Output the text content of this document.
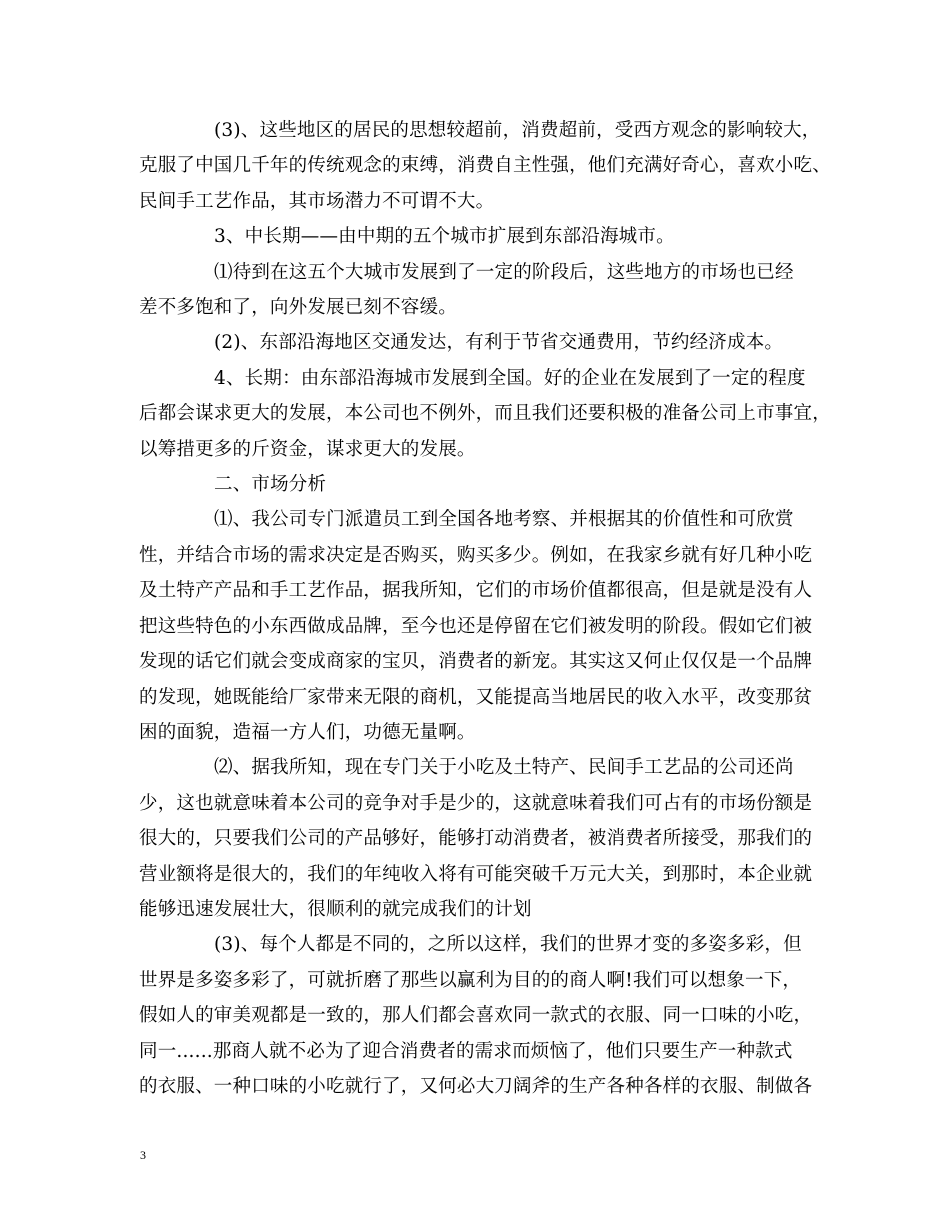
(3)、这些地区的居民的思想较超前，消费超前，受西方观念的影响较大，
克服了中国几千年的传统观念的束缚，消费自主性强，他们充满好奇心，喜欢小吃、
民间手工艺作品，其市场潜力不可谓不大。
3、中长期——由中期的五个城市扩展到东部沿海城市。
⑴待到在这五个大城市发展到了一定的阶段后，这些地方的市场也已经
差不多饱和了，向外发展已刻不容缓。
(2)、东部沿海地区交通发达，有利于节省交通费用，节约经济成本。
4、长期：由东部沿海城市发展到全国。好的企业在发展到了一定的程度
后都会谋求更大的发展，本公司也不例外，而且我们还要积极的准备公司上市事宜，
以筹措更多的斤资金，谋求更大的发展。
二、市场分析
⑴、我公司专门派遣员工到全国各地考察、并根据其的价值性和可欣赏
性，并结合市场的需求决定是否购买，购买多少。例如，在我家乡就有好几种小吃
及土特产产品和手工艺作品，据我所知，它们的市场价值都很高，但是就是没有人
把这些特色的小东西做成品牌，至今也还是停留在它们被发明的阶段。假如它们被
发现的话它们就会变成商家的宝贝，消费者的新宠。其实这又何止仅仅是一个品牌
的发现，她既能给厂家带来无限的商机，又能提高当地居民的收入水平，改变那贫
困的面貌，造福一方人们，功德无量啊。
⑵、据我所知，现在专门关于小吃及土特产、民间手工艺品的公司还尚
少，这也就意味着本公司的竞争对手是少的，这就意味着我们可占有的市场份额是
很大的，只要我们公司的产品够好，能够打动消费者，被消费者所接受，那我们的
营业额将是很大的，我们的年纯收入将有可能突破千万元大关，到那时，本企业就
能够迅速发展壮大，很顺利的就完成我们的计划
(3)、每个人都是不同的，之所以这样，我们的世界才变的多姿多彩，但
世界是多姿多彩了，可就折磨了那些以赢利为目的的商人啊!我们可以想象一下，
假如人的审美观都是一致的，那人们都会喜欢同一款式的衣服、同一口味的小吃，
同一......那商人就不必为了迎合消费者的需求而烦恼了，他们只要生产一种款式
的衣服、一种口味的小吃就行了，又何必大刀阔斧的生产各种各样的衣服、制做各
3
